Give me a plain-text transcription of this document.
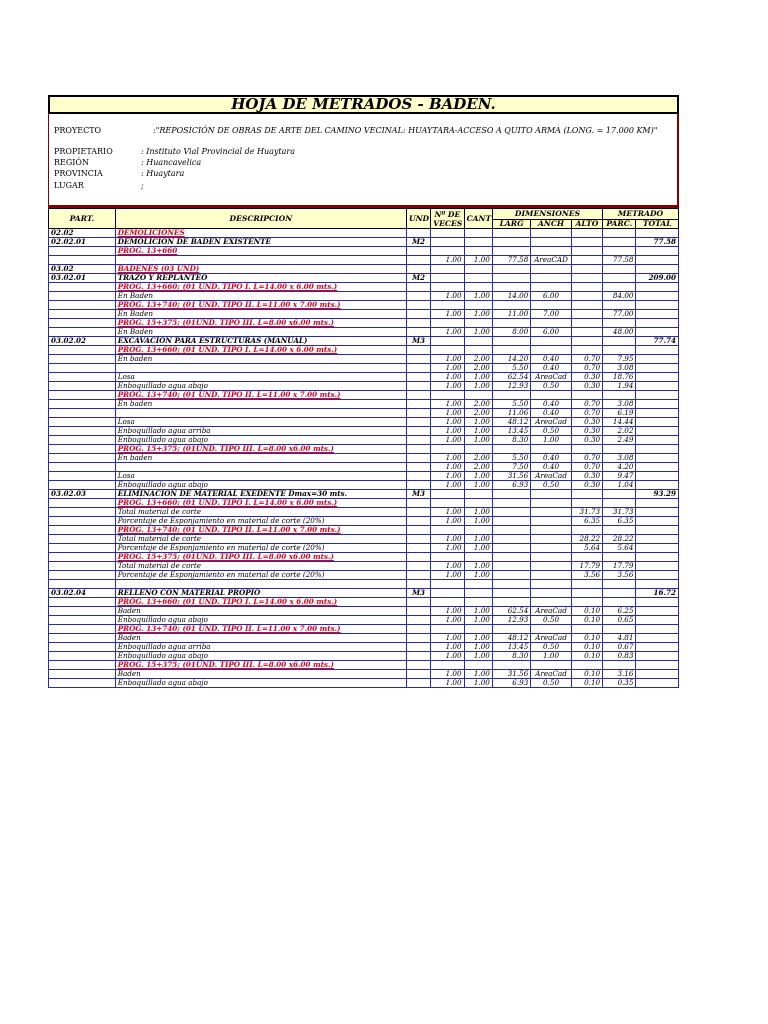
HOJA DE METRADOS - BADEN.
PROYECTO	:"REPOSICIÓN DE OBRAS DE ARTE DEL CAMINO VECINAL: HUAYTARA-ACCESO A QUITO ARMA (LONG. = 17.000 KM)"
PROPIETARIO	: Instituto Vial Provincial de Huaytara
REGIÓN	: Huancavelica
PROVINCIA	: Huaytara
LUGAR	;
PART.	DESCRIPCION	UND	Nº DE VECES	CANT	DIMENSIONES			METRADO	
					LARG	ANCH	ALTO	PARC.	TOTAL
02.02	DEMOLICIONES								
02.02.01	DEMOLICION DE BADEN EXISTENTE	M2							77.58
	PROG. 13+660								
			1.00	1.00	77.58	AreaCAD		77.58	
03.02	BADENES (03 UND)								
03.02.01	TRAZO Y REPLANTEO	M2							209.00
	PROG. 13+660; (01 UND. TIPO I. L=14.00 x 6.00 mts.)								
	En Baden		1.00	1.00	14.00	6.00		84.00	
	PROG. 13+740; (01 UND. TIPO II. L=11.00 x 7.00 mts.)								
	En Baden		1.00	1.00	11.00	7.00		77.00	
	PROG. 15+375; (01UND. TIPO III. L=8.00 x6.00 mts.)								
	En Baden		1.00	1.00	8.00	6.00		48.00	
03.02.02	EXCAVACION PARA ESTRUCTURAS (MANUAL)	M3							77.74
	PROG. 13+660; (01 UND. TIPO I. L=14.00 x 6.00 mts.)								
	En baden		1.00	2.00	14.20	0.40	0.70	7.95	
			1.00	2.00	5.50	0.40	0.70	3.08	
	Losa		1.00	1.00	62.54	AreaCad	0.30	18.76	
	Enboquillado agua abajo		1.00	1.00	12.93	0.50	0.30	1.94	
	PROG. 13+740; (01 UND. TIPO II. L=11.00 x 7.00 mts.)								
	En baden		1.00	2.00	5.50	0.40	0.70	3.08	
			1.00	2.00	11.06	0.40	0.70	6.19	
	Losa		1.00	1.00	48.12	AreaCad	0.30	14.44	
	Enboquillado agua arriba		1.00	1.00	13.45	0.50	0.30	2.02	
	Enboquillado agua abajo		1.00	1.00	8.30	1.00	0.30	2.49	
	PROG. 15+375; (01UND. TIPO III. L=8.00 x6.00 mts.)								
	En baden		1.00	2.00	5.50	0.40	0.70	3.08	
			1.00	2.00	7.50	0.40	0.70	4.20	
	Losa		1.00	1.00	31.56	AreaCad	0.30	9.47	
	Enboquillado agua abajo		1.00	1.00	6.93	0.50	0.30	1.04	
03.02.03	ELIMINACION DE MATERIAL EXEDENTE Dmax=30 mts.	M3							93.29
	PROG. 13+660; (01 UND. TIPO I. L=14.00 x 6.00 mts.)								
	Total material de corte		1.00	1.00			31.73	31.73	
	Porcentaje de Esponjamiento en material de corte (20%)		1.00	1.00			6.35	6.35	
	PROG. 13+740; (01 UND. TIPO II. L=11.00 x 7.00 mts.)								
	Total material de corte		1.00	1.00			28.22	28.22	
	Porcentaje de Esponjamiento en material de corte (20%)		1.00	1.00			5.64	5.64	
	PROG. 15+375; (01UND. TIPO III. L=8.00 x6.00 mts.)								
	Total material de corte		1.00	1.00			17.79	17.79	
	Porcentaje de Esponjamiento en material de corte (20%)		1.00	1.00			3.56	3.56	

03.02.04	RELLENO CON MATERIAL PROPIO	M3							16.72
	PROG. 13+660; (01 UND. TIPO I. L=14.00 x 6.00 mts.)								
	Baden		1.00	1.00	62.54	AreaCad	0.10	6.25	
	Enboquillado agua abajo		1.00	1.00	12.93	0.50	0.10	0.65	
	PROG. 13+740; (01 UND. TIPO II. L=11.00 x 7.00 mts.)								
	Baden		1.00	1.00	48.12	AreaCad	0.10	4.81	
	Enboquillado agua arriba		1.00	1.00	13.45	0.50	0.10	0.67	
	Enboquillado agua abajo		1.00	1.00	8.30	1.00	0.10	0.83	
	PROG. 15+375; (01UND. TIPO III. L=8.00 x6.00 mts.)								
	Baden		1.00	1.00	31.56	AreaCad	0.10	3.16	
	Enboquillado agua abajo		1.00	1.00	6.93	0.50	0.10	0.35	
